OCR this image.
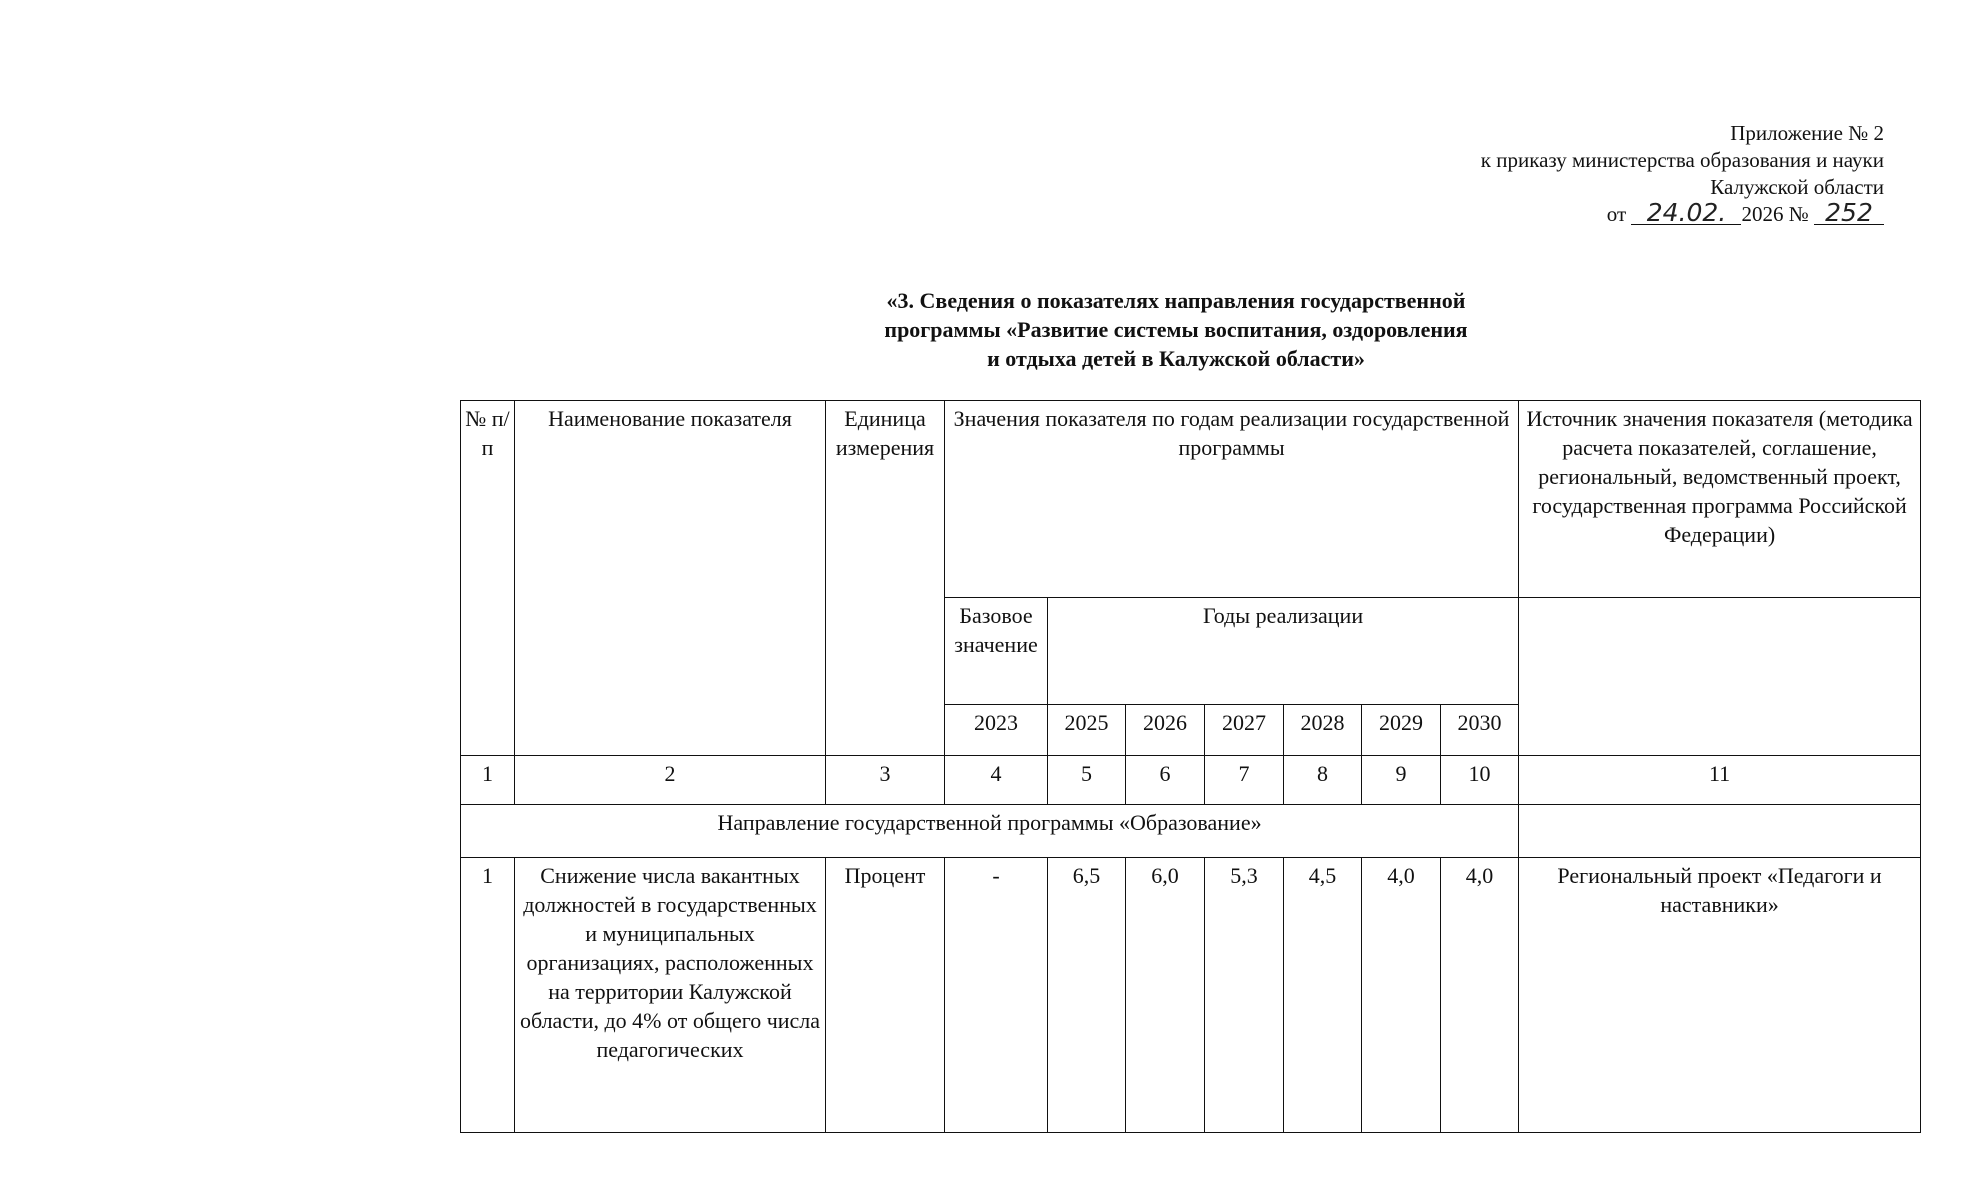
Приложение № 2
к приказу министерства образования и науки
Калужской области
от 24.02. 2026 № 252
«3. Сведения о показателях направления государственной
программы «Развитие системы воспитания, оздоровления
и отдыха детей в Калужской области»
№ п/п	Наименование показателя	Единица измерения	Значения показателя по годам реализации государственной программы							Источник значения показателя (методика расчета показателей, соглашение, региональный, ведомственный проект, государственная программа Российской Федерации)
			Базовое значение	Годы реализации						
			2023	2025	2026	2027	2028	2029	2030	
1	2	3	4	5	6	7	8	9	10	11
Направление государственной программы «Образование»										
1	Снижение числа вакантных должностей в государственных и муниципальных организациях, расположенных на территории Калужской области, до 4% от общего числа педагогических	Процент	-	6,5	6,0	5,3	4,5	4,0	4,0	Региональный проект «Педагоги и наставники»
